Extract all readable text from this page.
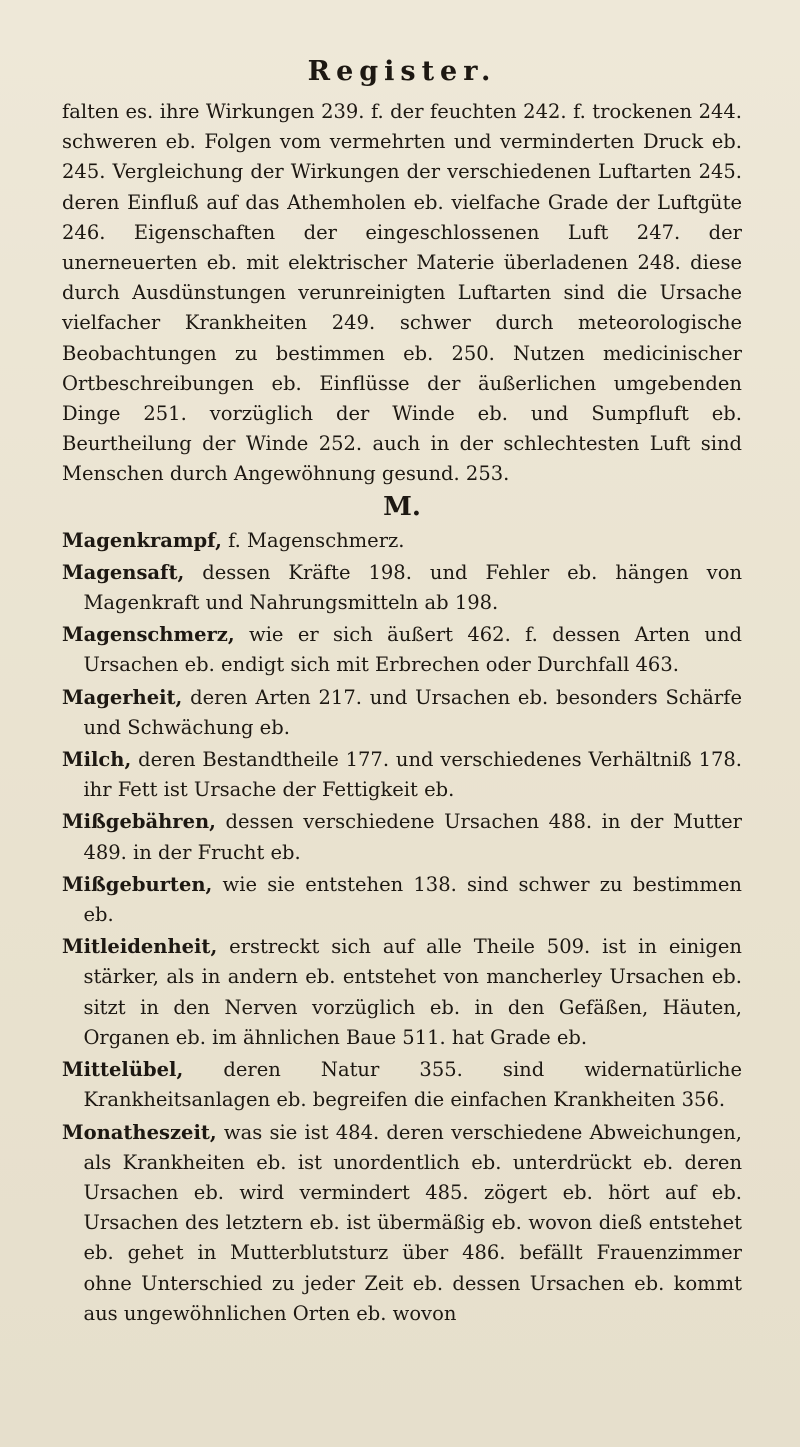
Register.

falten es. ihre Wirkungen 239. f. der feuchten 242. f. trockenen 244. schweren eb. Folgen vom vermehrten und verminderten Druck eb. 245. Vergleichung der Wirkungen der verschiedenen Luftarten 245. deren Einfluß auf das Athemholen eb. vielfache Grade der Luftgüte 246. Eigenschaften der eingeschlossenen Luft 247. der unerneuerten eb. mit elektrischer Materie überladenen 248. diese durch Ausdünstungen verunreinigten Luftarten sind die Ursache vielfacher Krankheiten 249. schwer durch meteorologische Beobachtungen zu bestimmen eb. 250. Nutzen medicinischer Ortbeschreibungen eb. Einflüsse der äußerlichen umgebenden Dinge 251. vorzüglich der Winde eb. und Sumpfluft eb. Beurtheilung der Winde 252. auch in der schlechtesten Luft sind Menschen durch Angewöhnung gesund. 253.

M.

Magenkrampf, f. Magenschmerz.

Magensaft, dessen Kräfte 198. und Fehler eb. hängen von Magenkraft und Nahrungsmitteln ab 198.

Magenschmerz, wie er sich äußert 462. f. dessen Arten und Ursachen eb. endigt sich mit Erbrechen oder Durchfall 463.

Magerheit, deren Arten 217. und Ursachen eb. besonders Schärfe und Schwächung eb.

Milch, deren Bestandtheile 177. und verschiedenes Verhältniß 178. ihr Fett ist Ursache der Fettigkeit eb.

Mißgebähren, dessen verschiedene Ursachen 488. in der Mutter 489. in der Frucht eb.

Mißgeburten, wie sie entstehen 138. sind schwer zu bestimmen eb.

Mitleidenheit, erstreckt sich auf alle Theile 509. ist in einigen stärker, als in andern eb. entstehet von mancherley Ursachen eb. sitzt in den Nerven vorzüglich eb. in den Gefäßen, Häuten, Organen eb. im ähnlichen Baue 511. hat Grade eb.

Mittelübel, deren Natur 355. sind widernatürliche Krankheitsanlagen eb. begreifen die einfachen Krankheiten 356.

Monatheszeit, was sie ist 484. deren verschiedene Abweichungen, als Krankheiten eb. ist unordentlich eb. unterdrückt eb. deren Ursachen eb. wird vermindert 485. zögert eb. hört auf eb. Ursachen des letztern eb. ist übermäßig eb. wovon dieß entstehet eb. gehet in Mutterblutsturz über 486. befällt Frauenzimmer ohne Unterschied zu jeder Zeit eb. dessen Ursachen eb. kommt aus ungewöhnlichen Orten eb. wovon
